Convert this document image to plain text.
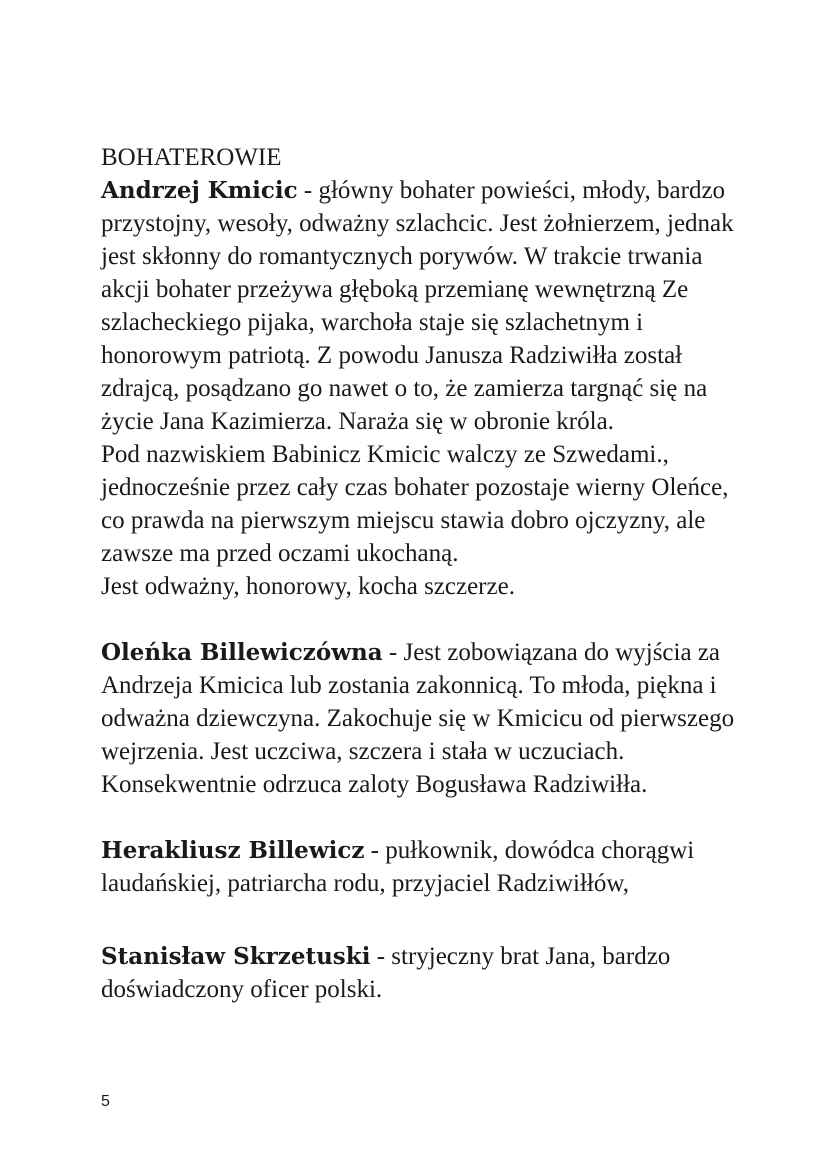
BOHATEROWIE

Andrzej Kmicic - główny bohater powieści, młody, bardzo przystojny, wesoły, odważny szlachcic. Jest żołnierzem, jednak jest skłonny do romantycznych porywów. W trakcie trwania akcji bohater przeżywa głęboką przemianę wewnętrzną Ze szlacheckiego pijaka, warchoła staje się szlachetnym i honorowym patriotą. Z powodu Janusza Radziwiłła został zdrajcą, posądzano go nawet o to, że zamierza targnąć się na życie Jana Kazimierza. Naraża się w obronie króla.

Pod nazwiskiem Babinicz Kmicic walczy ze Szwedami., jednocześnie przez cały czas bohater pozostaje wierny Oleńce, co prawda na pierwszym miejscu stawia dobro ojczyzny, ale zawsze ma przed oczami ukochaną.

Jest odważny, honorowy, kocha szczerze.

Oleńka Billewiczówna - Jest zobowiązana do wyjścia za Andrzeja Kmicica lub zostania zakonnicą. To młoda, piękna i odważna dziewczyna. Zakochuje się w Kmicicu od pierwszego wejrzenia. Jest uczciwa, szczera i stała w uczuciach. Konsekwentnie odrzuca zaloty Bogusława Radziwiłła.

Herakliusz Billewicz - pułkownik, dowódca chorągwi laudańskiej, patriarcha rodu, przyjaciel Radziwiłłów,

Stanisław Skrzetuski - stryjeczny brat Jana, bardzo doświadczony oficer polski.

5
